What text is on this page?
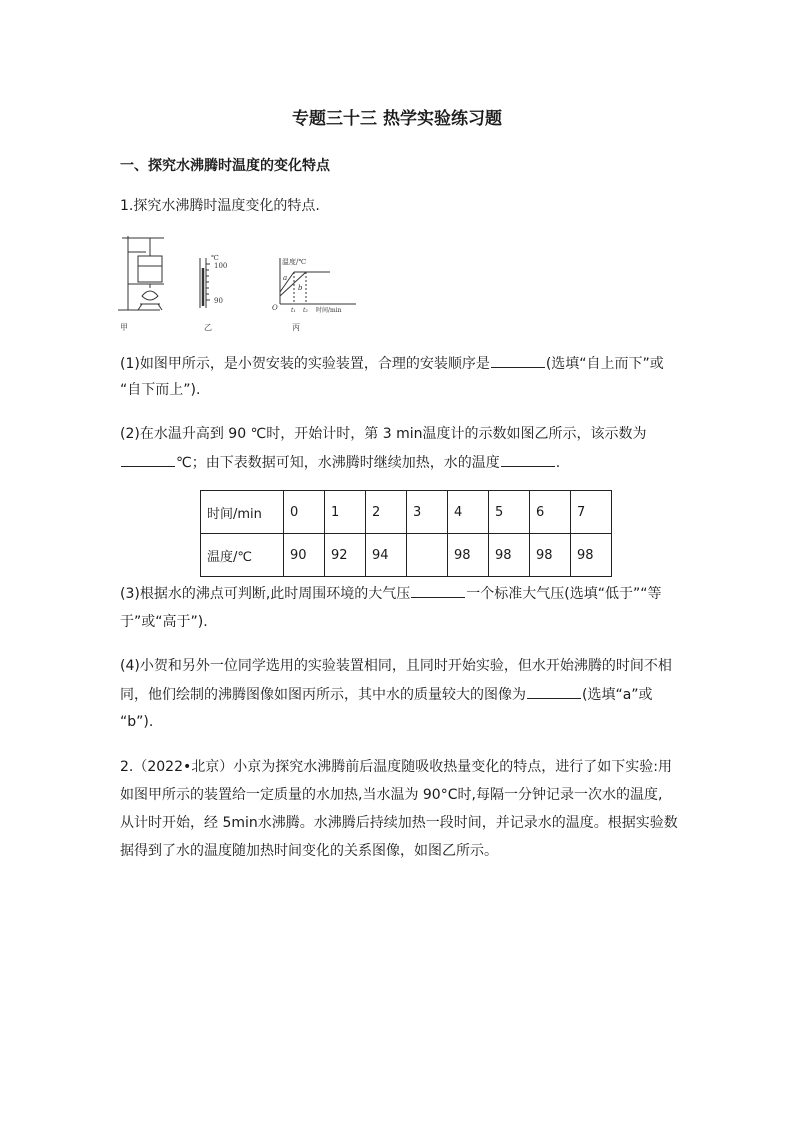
专题三十三 热学实验练习题
一、探究水沸腾时温度的变化特点
1.探究水沸腾时温度变化的特点.
℃
100
90
温度/℃
时间/min
O
a
b
t₁ t₂
甲	乙	丙
(1)如图甲所示，是小贺安装的实验装置，合理的安装顺序是	(选填“自上而下”或
“自下而上”).
(2)在水温升高到 90 ℃时，开始计时，第 3 min温度计的示数如图乙所示，该示数为
℃；由下表数据可知，水沸腾时继续加热，水的温度	.
时间/min	0	1	2	3	4	5	6	7
温度/℃	90	92	94		98	98	98	98
(3)根据水的沸点可判断,此时周围环境的大气压	一个标准大气压(选填“低于”“等
于”或“高于”).
(4)小贺和另外一位同学选用的实验装置相同，且同时开始实验，但水开始沸腾的时间不相
同，他们绘制的沸腾图像如图丙所示，其中水的质量较大的图像为	(选填“a”或
“b”).
2.（2022•北京）小京为探究水沸腾前后温度随吸收热量变化的特点，进行了如下实验:用
如图甲所示的装置给一定质量的水加热,当水温为 90°C时,每隔一分钟记录一次水的温度,
从计时开始，经 5min水沸腾。水沸腾后持续加热一段时间，并记录水的温度。根据实验数
据得到了水的温度随加热时间变化的关系图像，如图乙所示。
